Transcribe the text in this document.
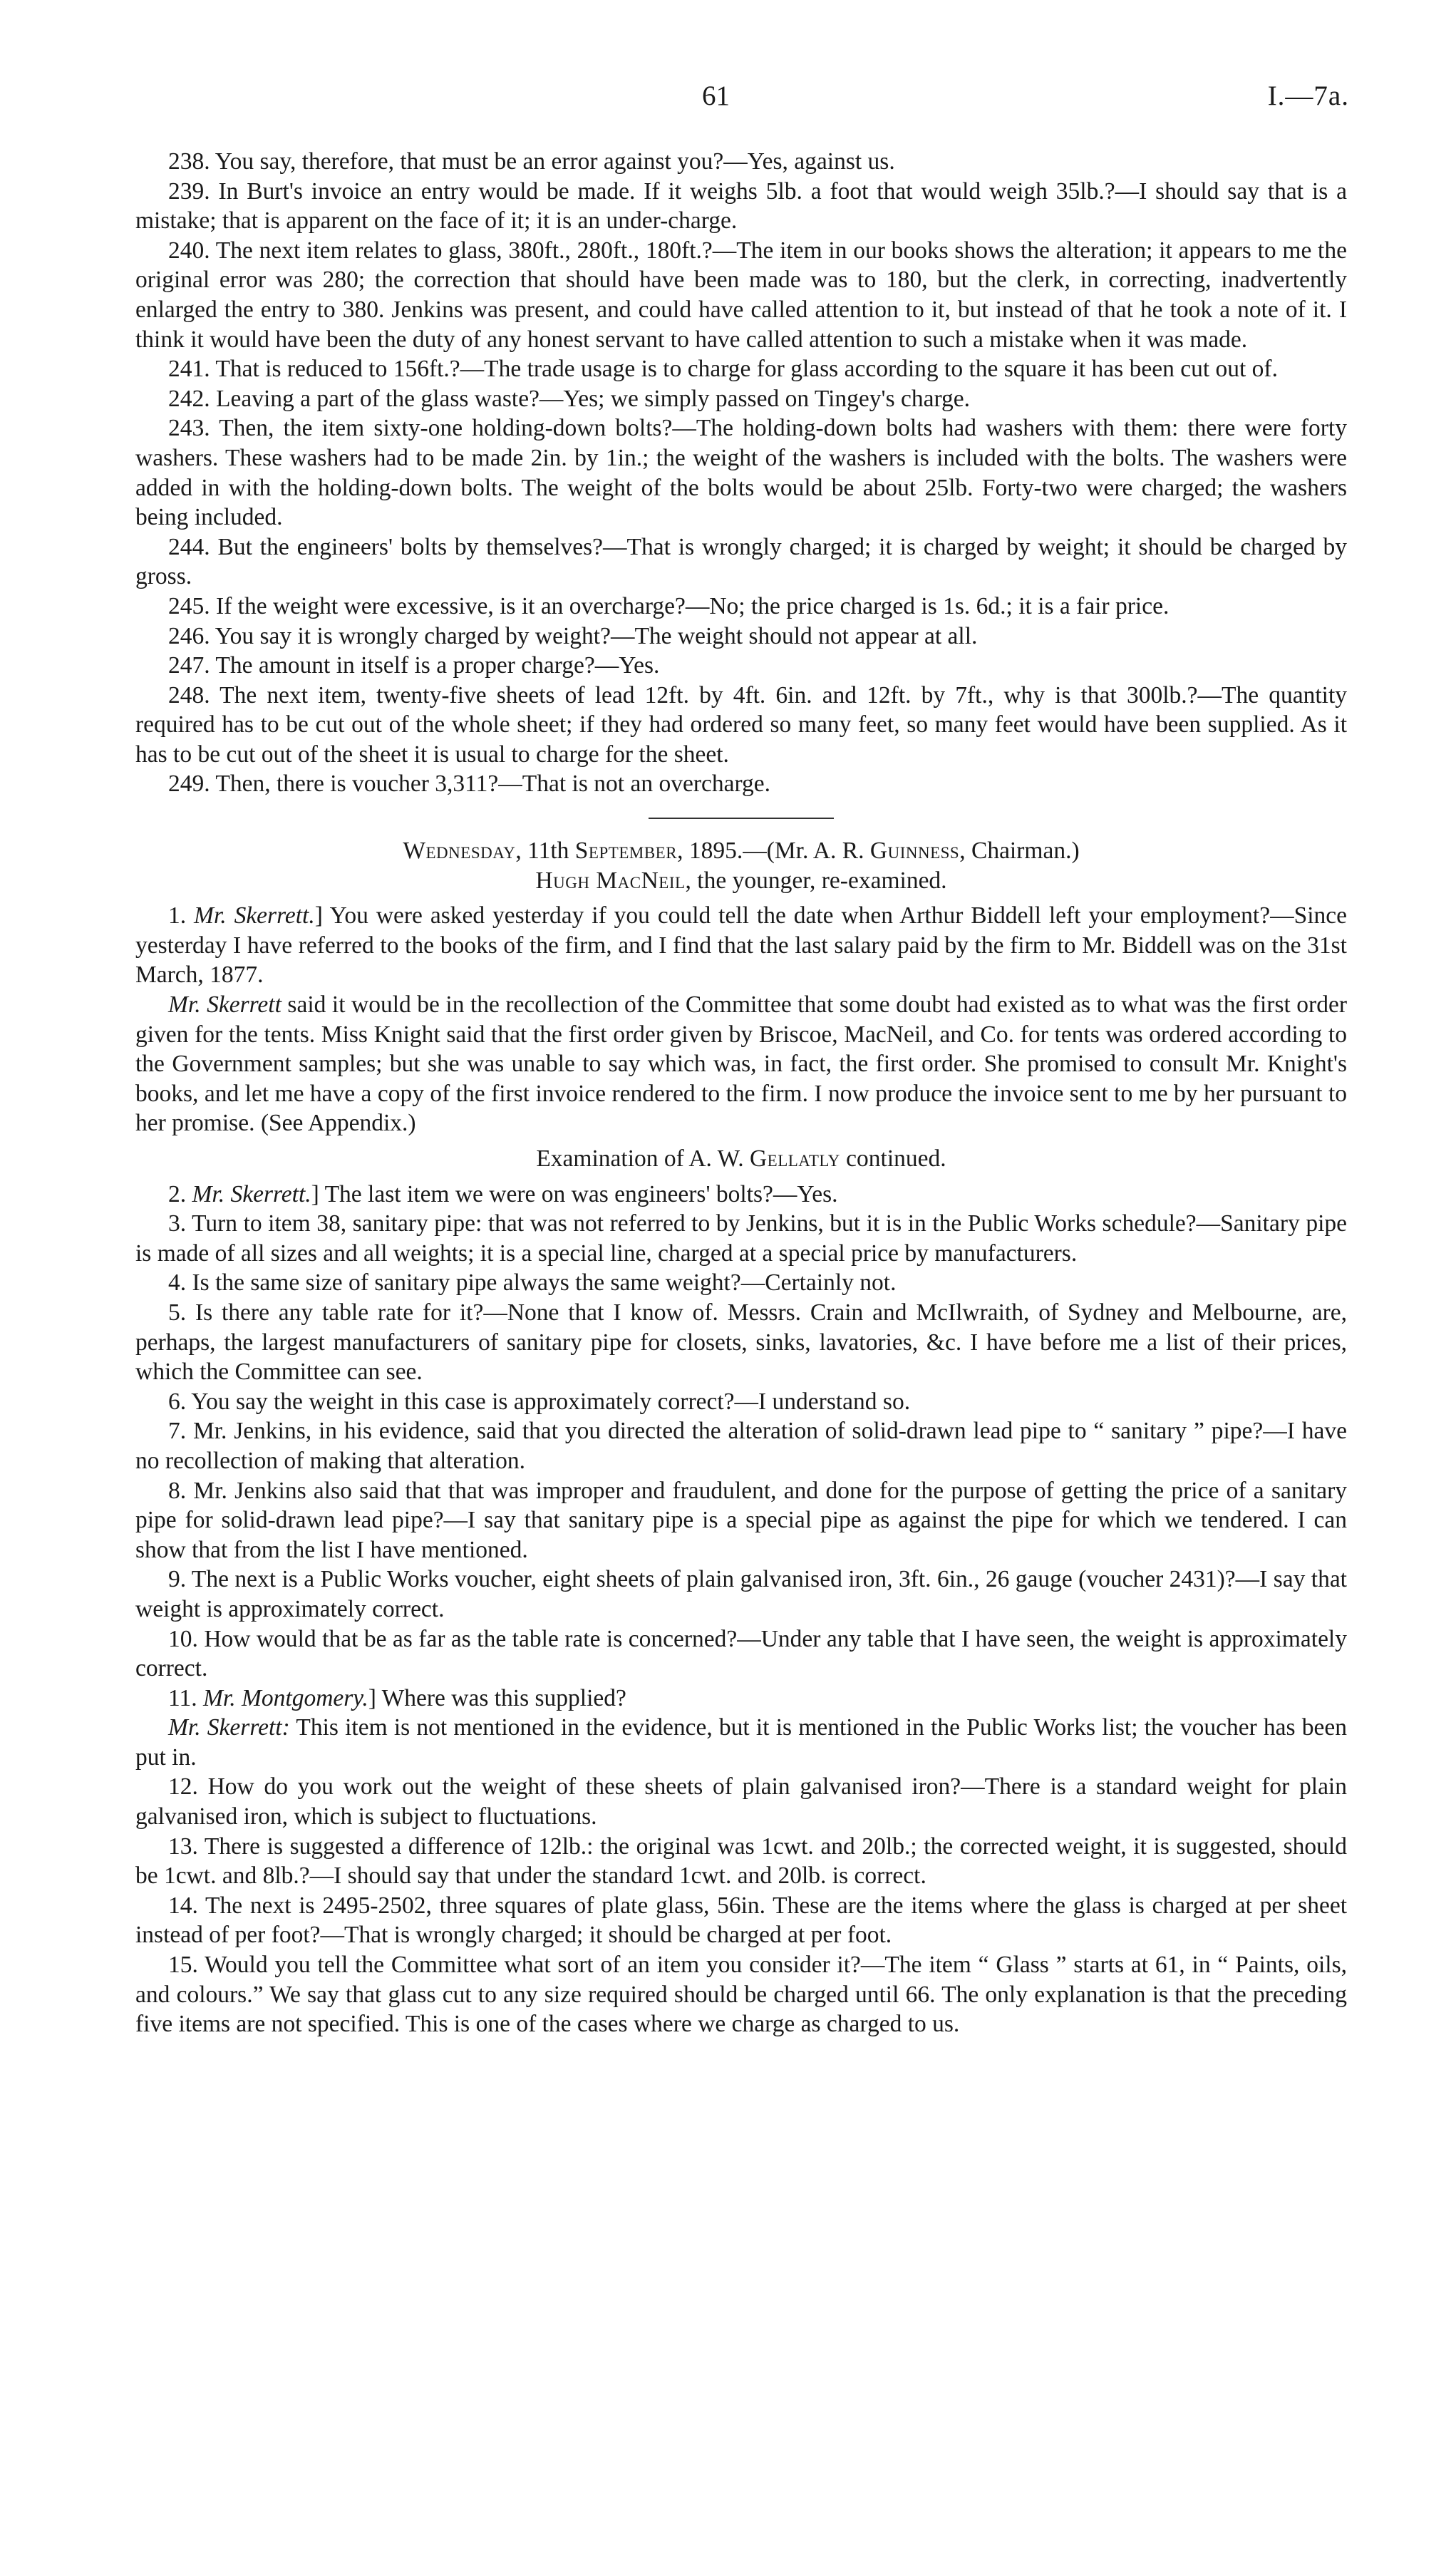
61	I.—7a.

238. You say, therefore, that must be an error against you?—Yes, against us.

239. In Burt's invoice an entry would be made. If it weighs 5lb. a foot that would weigh 35lb.?—I should say that is a mistake; that is apparent on the face of it; it is an under-charge.

240. The next item relates to glass, 380ft., 280ft., 180ft.?—The item in our books shows the alteration; it appears to me the original error was 280; the correction that should have been made was to 180, but the clerk, in correcting, inadvertently enlarged the entry to 380. Jenkins was present, and could have called attention to it, but instead of that he took a note of it. I think it would have been the duty of any honest servant to have called attention to such a mistake when it was made.

241. That is reduced to 156ft.?—The trade usage is to charge for glass according to the square it has been cut out of.

242. Leaving a part of the glass waste?—Yes; we simply passed on Tingey's charge.

243. Then, the item sixty-one holding-down bolts?—The holding-down bolts had washers with them: there were forty washers. These washers had to be made 2in. by 1in.; the weight of the washers is included with the bolts. The washers were added in with the holding-down bolts. The weight of the bolts would be about 25lb. Forty-two were charged; the washers being included.

244. But the engineers' bolts by themselves?—That is wrongly charged; it is charged by weight; it should be charged by gross.

245. If the weight were excessive, is it an overcharge?—No; the price charged is 1s. 6d.; it is a fair price.

246. You say it is wrongly charged by weight?—The weight should not appear at all.

247. The amount in itself is a proper charge?—Yes.

248. The next item, twenty-five sheets of lead 12ft. by 4ft. 6in. and 12ft. by 7ft., why is that 300lb.?—The quantity required has to be cut out of the whole sheet; if they had ordered so many feet, so many feet would have been supplied. As it has to be cut out of the sheet it is usual to charge for the sheet.

249. Then, there is voucher 3,311?—That is not an overcharge.

Wednesday, 11th September, 1895.—(Mr. A. R. Guinness, Chairman.)

Hugh MacNeil, the younger, re-examined.

1. Mr. Skerrett.] You were asked yesterday if you could tell the date when Arthur Biddell left your employment?—Since yesterday I have referred to the books of the firm, and I find that the last salary paid by the firm to Mr. Biddell was on the 31st March, 1877.

Mr. Skerrett said it would be in the recollection of the Committee that some doubt had existed as to what was the first order given for the tents. Miss Knight said that the first order given by Briscoe, MacNeil, and Co. for tents was ordered according to the Government samples; but she was unable to say which was, in fact, the first order. She promised to consult Mr. Knight's books, and let me have a copy of the first invoice rendered to the firm. I now produce the invoice sent to me by her pursuant to her promise. (See Appendix.)

Examination of A. W. Gellatly continued.

2. Mr. Skerrett.] The last item we were on was engineers' bolts?—Yes.

3. Turn to item 38, sanitary pipe: that was not referred to by Jenkins, but it is in the Public Works schedule?—Sanitary pipe is made of all sizes and all weights; it is a special line, charged at a special price by manufacturers.

4. Is the same size of sanitary pipe always the same weight?—Certainly not.

5. Is there any table rate for it?—None that I know of. Messrs. Crain and McIlwraith, of Sydney and Melbourne, are, perhaps, the largest manufacturers of sanitary pipe for closets, sinks, lavatories, &c. I have before me a list of their prices, which the Committee can see.

6. You say the weight in this case is approximately correct?—I understand so.

7. Mr. Jenkins, in his evidence, said that you directed the alteration of solid-drawn lead pipe to “ sanitary ” pipe?—I have no recollection of making that alteration.

8. Mr. Jenkins also said that that was improper and fraudulent, and done for the purpose of getting the price of a sanitary pipe for solid-drawn lead pipe?—I say that sanitary pipe is a special pipe as against the pipe for which we tendered. I can show that from the list I have mentioned.

9. The next is a Public Works voucher, eight sheets of plain galvanised iron, 3ft. 6in., 26 gauge (voucher 2431)?—I say that weight is approximately correct.

10. How would that be as far as the table rate is concerned?—Under any table that I have seen, the weight is approximately correct.

11. Mr. Montgomery.] Where was this supplied?

Mr. Skerrett: This item is not mentioned in the evidence, but it is mentioned in the Public Works list; the voucher has been put in.

12. How do you work out the weight of these sheets of plain galvanised iron?—There is a standard weight for plain galvanised iron, which is subject to fluctuations.

13. There is suggested a difference of 12lb.: the original was 1cwt. and 20lb.; the corrected weight, it is suggested, should be 1cwt. and 8lb.?—I should say that under the standard 1cwt. and 20lb. is correct.

14. The next is 2495-2502, three squares of plate glass, 56in. These are the items where the glass is charged at per sheet instead of per foot?—That is wrongly charged; it should be charged at per foot.

15. Would you tell the Committee what sort of an item you consider it?—The item “ Glass ” starts at 61, in “ Paints, oils, and colours.” We say that glass cut to any size required should be charged until 66. The only explanation is that the preceding five items are not specified. This is one of the cases where we charge as charged to us.
